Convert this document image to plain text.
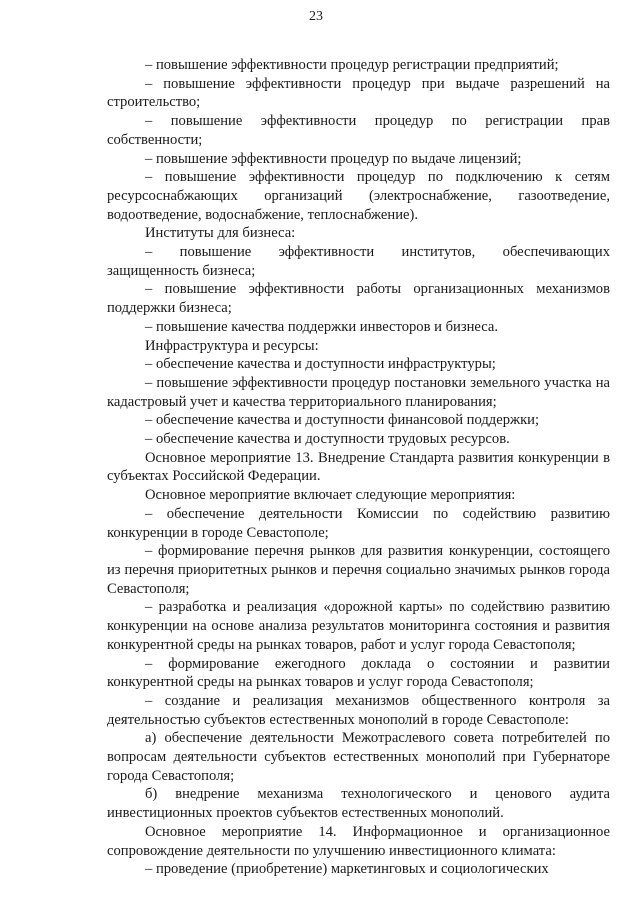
23

– повышение эффективности процедур регистрации предприятий;

– повышение эффективности процедур при выдаче разрешений на строительство;

– повышение эффективности процедур по регистрации прав собственности;

– повышение эффективности процедур по выдаче лицензий;

– повышение эффективности процедур по подключению к сетям ресурсоснабжающих организаций (электроснабжение, газоотведение, водоотведение, водоснабжение, теплоснабжение).

Институты для бизнеса:

– повышение эффективности институтов, обеспечивающих защищенность бизнеса;

– повышение эффективности работы организационных механизмов поддержки бизнеса;

– повышение качества поддержки инвесторов и бизнеса.

Инфраструктура и ресурсы:

– обеспечение качества и доступности инфраструктуры;

– повышение эффективности процедур постановки земельного участка на кадастровый учет и качества территориального планирования;

– обеспечение качества и доступности финансовой поддержки;

– обеспечение качества и доступности трудовых ресурсов.

Основное мероприятие 13. Внедрение Стандарта развития конкуренции в субъектах Российской Федерации.

Основное мероприятие включает следующие мероприятия:

– обеспечение деятельности Комиссии по содействию развитию конкуренции в городе Севастополе;

– формирование перечня рынков для развития конкуренции, состоящего из перечня приоритетных рынков и перечня социально значимых рынков города Севастополя;

– разработка и реализация «дорожной карты» по содействию развитию конкуренции на основе анализа результатов мониторинга состояния и развития конкурентной среды на рынках товаров, работ и услуг города Севастополя;

– формирование ежегодного доклада о состоянии и развитии конкурентной среды на рынках товаров и услуг города Севастополя;

– создание и реализация механизмов общественного контроля за деятельностью субъектов естественных монополий в городе Севастополе:

а) обеспечение деятельности Межотраслевого совета потребителей по вопросам деятельности субъектов естественных монополий при Губернаторе города Севастополя;

б) внедрение механизма технологического и ценового аудита инвестиционных проектов субъектов естественных монополий.

Основное мероприятие 14. Информационное и организационное сопровождение деятельности по улучшению инвестиционного климата:

– проведение (приобретение) маркетинговых и социологических
